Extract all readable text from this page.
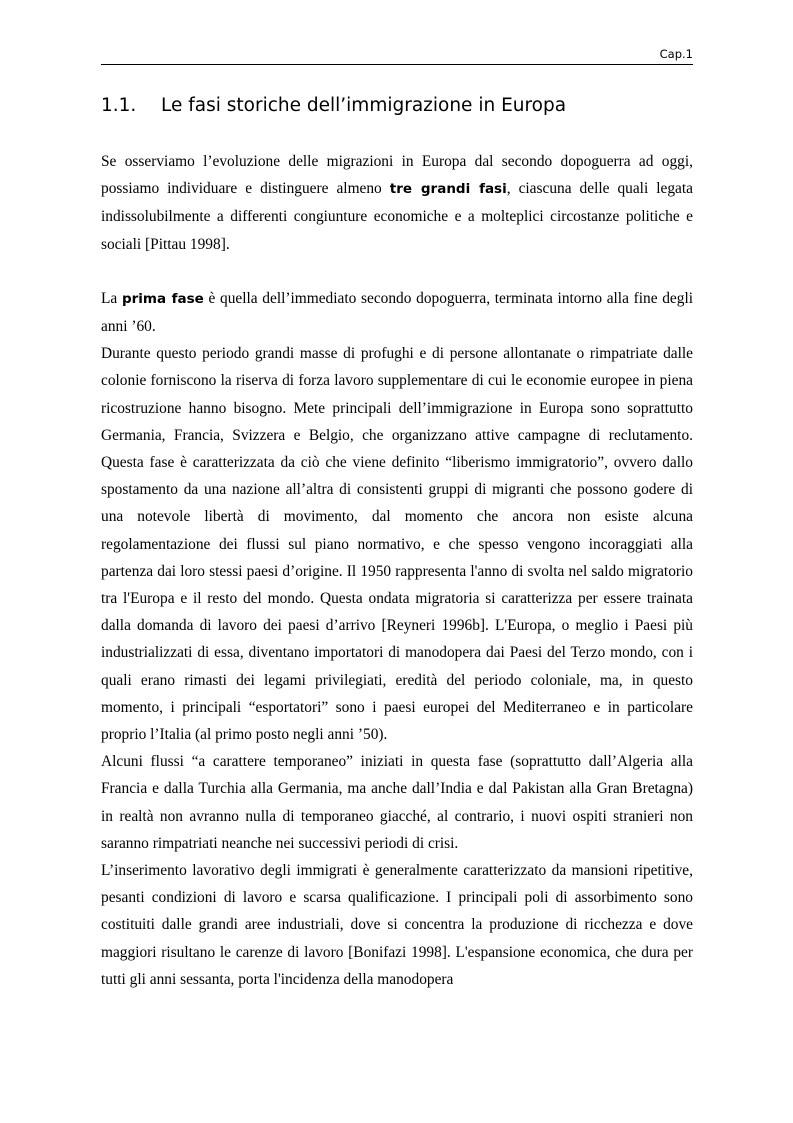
Cap.1
1.1. Le fasi storiche dell’immigrazione in Europa

Se osserviamo l’evoluzione delle migrazioni in Europa dal secondo dopoguerra ad oggi, possiamo individuare e distinguere almeno tre grandi fasi, ciascuna delle quali legata indissolubilmente a differenti congiunture economiche e a molteplici circostanze politiche e sociali [Pittau 1998].

La prima fase è quella dell’immediato secondo dopoguerra, terminata intorno alla fine degli anni ’60.

Durante questo periodo grandi masse di profughi e di persone allontanate o rimpatriate dalle colonie forniscono la riserva di forza lavoro supplementare di cui le economie europee in piena ricostruzione hanno bisogno. Mete principali dell’immigrazione in Europa sono soprattutto Germania, Francia, Svizzera e Belgio, che organizzano attive campagne di reclutamento. Questa fase è caratterizzata da ciò che viene definito “liberismo immigratorio”, ovvero dallo spostamento da una nazione all’altra di consistenti gruppi di migranti che possono godere di una notevole libertà di movimento, dal momento che ancora non esiste alcuna regolamentazione dei flussi sul piano normativo, e che spesso vengono incoraggiati alla partenza dai loro stessi paesi d’origine. Il 1950 rappresenta l'anno di svolta nel saldo migratorio tra l'Europa e il resto del mondo. Questa ondata migratoria si caratterizza per essere trainata dalla domanda di lavoro dei paesi d’arrivo [Reyneri 1996b]. L'Europa, o meglio i Paesi più industrializzati di essa, diventano importatori di manodopera dai Paesi del Terzo mondo, con i quali erano rimasti dei legami privilegiati, eredità del periodo coloniale, ma, in questo momento, i principali “esportatori” sono i paesi europei del Mediterraneo e in particolare proprio l’Italia (al primo posto negli anni ’50).

Alcuni flussi “a carattere temporaneo” iniziati in questa fase (soprattutto dall’Algeria alla Francia e dalla Turchia alla Germania, ma anche dall’India e dal Pakistan alla Gran Bretagna) in realtà non avranno nulla di temporaneo giacché, al contrario, i nuovi ospiti stranieri non saranno rimpatriati neanche nei successivi periodi di crisi.

L’inserimento lavorativo degli immigrati è generalmente caratterizzato da mansioni ripetitive, pesanti condizioni di lavoro e scarsa qualificazione. I principali poli di assorbimento sono costituiti dalle grandi aree industriali, dove si concentra la produzione di ricchezza e dove maggiori risultano le carenze di lavoro [Bonifazi 1998]. L'espansione economica, che dura per tutti gli anni sessanta, porta l'incidenza della manodopera
